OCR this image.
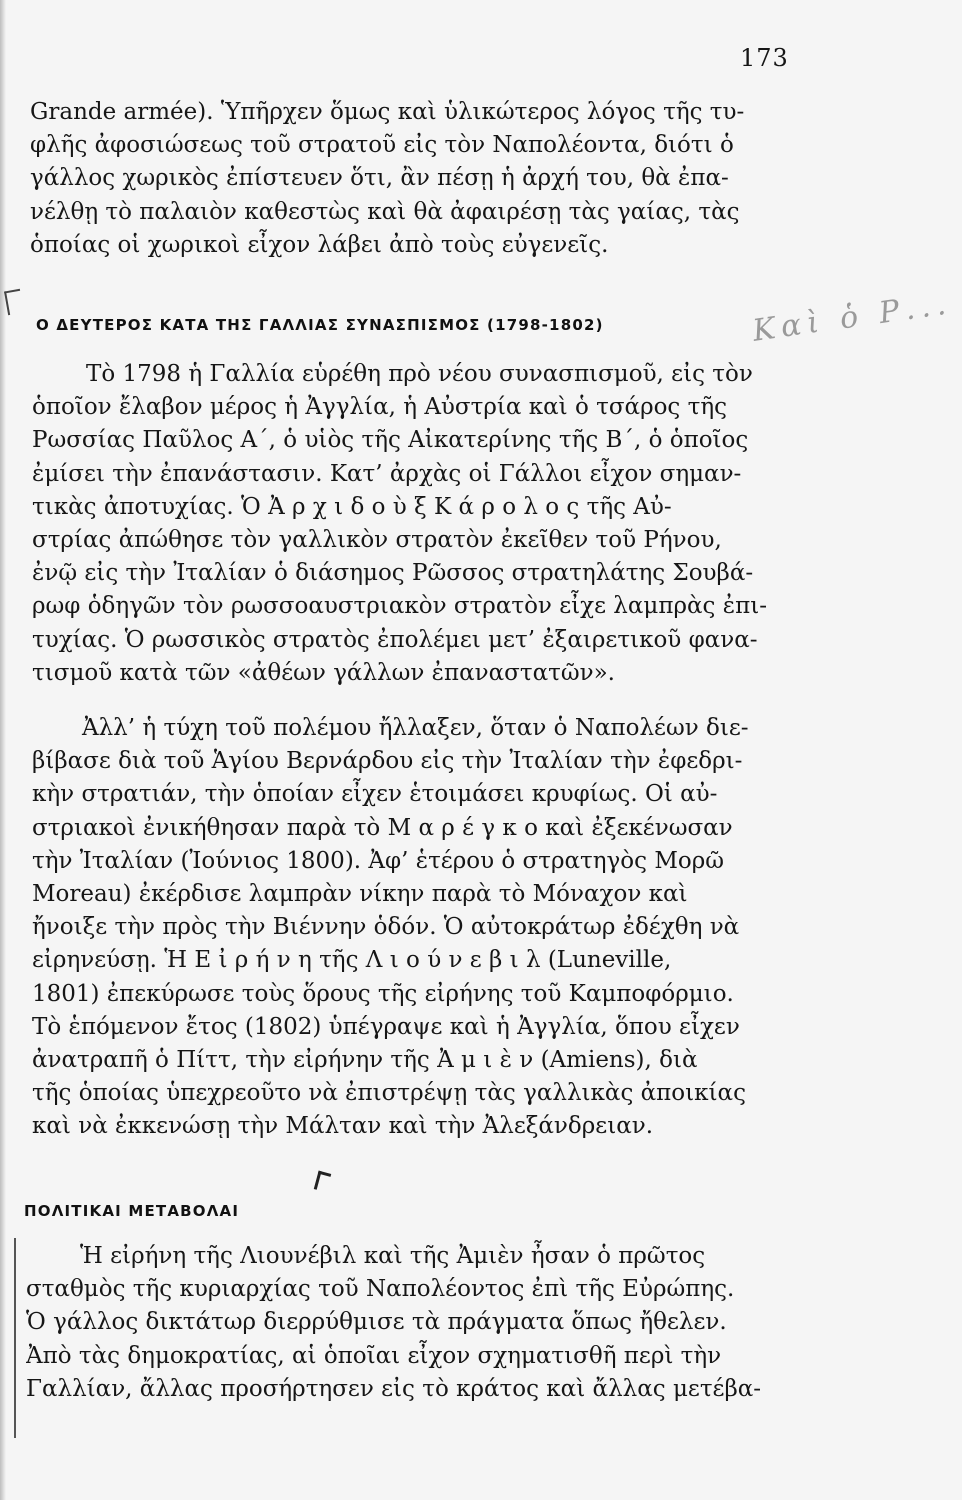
173
Grande armée). Ὑπῆρχεν ὅμως καὶ ὑλικώτερος λόγος τῆς τυ-
φλῆς ἀφοσιώσεως τοῦ στρατοῦ εἰς τὸν Ναπολέοντα, διότι ὁ
γάλλος χωρικὸς ἐπίστευεν ὅτι, ἂν πέσῃ ἡ ἀρχή του, θὰ ἐπα-
νέλθῃ τὸ παλαιὸν καθεστὼς καὶ θὰ ἀφαιρέσῃ τὰς γαίας, τὰς
ὁποίας οἱ χωρικοὶ εἶχον λάβει ἀπὸ τοὺς εὐγενεῖς.
Ο ΔΕΥΤΕΡΟΣ ΚΑΤΑ ΤΗΣ ΓΑΛΛΙΑΣ ΣΥΝΑΣΠΙΣΜΟΣ (1798-1802)	Καὶ ὁ Ρ...
Τὸ 1798 ἡ Γαλλία εὑρέθη πρὸ νέου συνασπισμοῦ, εἰς τὸν
ὁποῖον ἔλαβον μέρος ἡ Ἀγγλία, ἡ Αὐστρία καὶ ὁ τσάρος τῆς
Ρωσσίας Παῦλος Α΄, ὁ υἱὸς τῆς Αἰκατερίνης τῆς Β΄, ὁ ὁποῖος
ἐμίσει τὴν ἐπανάστασιν. Κατ’ ἀρχὰς οἱ Γάλλοι εἶχον σημαν-
τικὰς ἀποτυχίας. Ὁ Ἀ ρ χ ι δ ο ὺ ξ Κ ά ρ ο λ ο ς τῆς Αὐ-
στρίας ἀπώθησε τὸν γαλλικὸν στρατὸν ἐκεῖθεν τοῦ Ρήνου,
ἐνῷ εἰς τὴν Ἰταλίαν ὁ διάσημος Ρῶσσος στρατηλάτης Σουβά-
ρωφ ὁδηγῶν τὸν ρωσσοαυστριακὸν στρατὸν εἶχε λαμπρὰς ἐπι-
τυχίας. Ὁ ρωσσικὸς στρατὸς ἐπολέμει μετ’ ἐξαιρετικοῦ φανα-
τισμοῦ κατὰ τῶν «ἀθέων γάλλων ἐπαναστατῶν».
Ἀλλ’ ἡ τύχη τοῦ πολέμου ἤλλαξεν, ὅταν ὁ Ναπολέων διε-
βίβασε διὰ τοῦ Ἁγίου Βερνάρδου εἰς τὴν Ἰταλίαν τὴν ἐφεδρι-
κὴν στρατιάν, τὴν ὁποίαν εἶχεν ἑτοιμάσει κρυφίως. Οἱ αὐ-
στριακοὶ ἐνικήθησαν παρὰ τὸ Μ α ρ έ γ κ ο καὶ ἐξεκένωσαν
τὴν Ἰταλίαν (Ἰούνιος 1800). Ἀφ’ ἑτέρου ὁ στρατηγὸς Μορῶ
Moreau) ἐκέρδισε λαμπρὰν νίκην παρὰ τὸ Μόναχον καὶ
ἤνοιξε τὴν πρὸς τὴν Βιέννην ὁδόν. Ὁ αὐτοκράτωρ ἐδέχθη νὰ
εἰρηνεύσῃ. Ἡ Ε ἰ ρ ή ν η τῆς Λ ι ο ύ ν ε β ι λ (Luneville,
1801) ἐπεκύρωσε τοὺς ὅρους τῆς εἰρήνης τοῦ Καμποφόρμιο.
Τὸ ἑπόμενον ἔτος (1802) ὑπέγραψε καὶ ἡ Ἀγγλία, ὅπου εἶχεν
ἀνατραπῆ ὁ Πίττ, τὴν εἰρήνην τῆς Ἀ μ ι ὲ ν (Amiens), διὰ
τῆς ὁποίας ὑπεχρεοῦτο νὰ ἐπιστρέψῃ τὰς γαλλικὰς ἀποικίας
καὶ νὰ ἐκκενώσῃ τὴν Μάλταν καὶ τὴν Ἀλεξάνδρειαν.
ΠΟΛΙΤΙΚΑΙ ΜΕΤΑΒΟΛΑΙ
Ἡ εἰρήνη τῆς Λιουνέβιλ καὶ τῆς Ἀμιὲν ἦσαν ὁ πρῶτος
σταθμὸς τῆς κυριαρχίας τοῦ Ναπολέοντος ἐπὶ τῆς Εὐρώπης.
Ὁ γάλλος δικτάτωρ διερρύθμισε τὰ πράγματα ὅπως ἤθελεν.
Ἀπὸ τὰς δημοκρατίας, αἱ ὁποῖαι εἶχον σχηματισθῆ περὶ τὴν
Γαλλίαν, ἄλλας προσήρτησεν εἰς τὸ κράτος καὶ ἄλλας μετέβα-
